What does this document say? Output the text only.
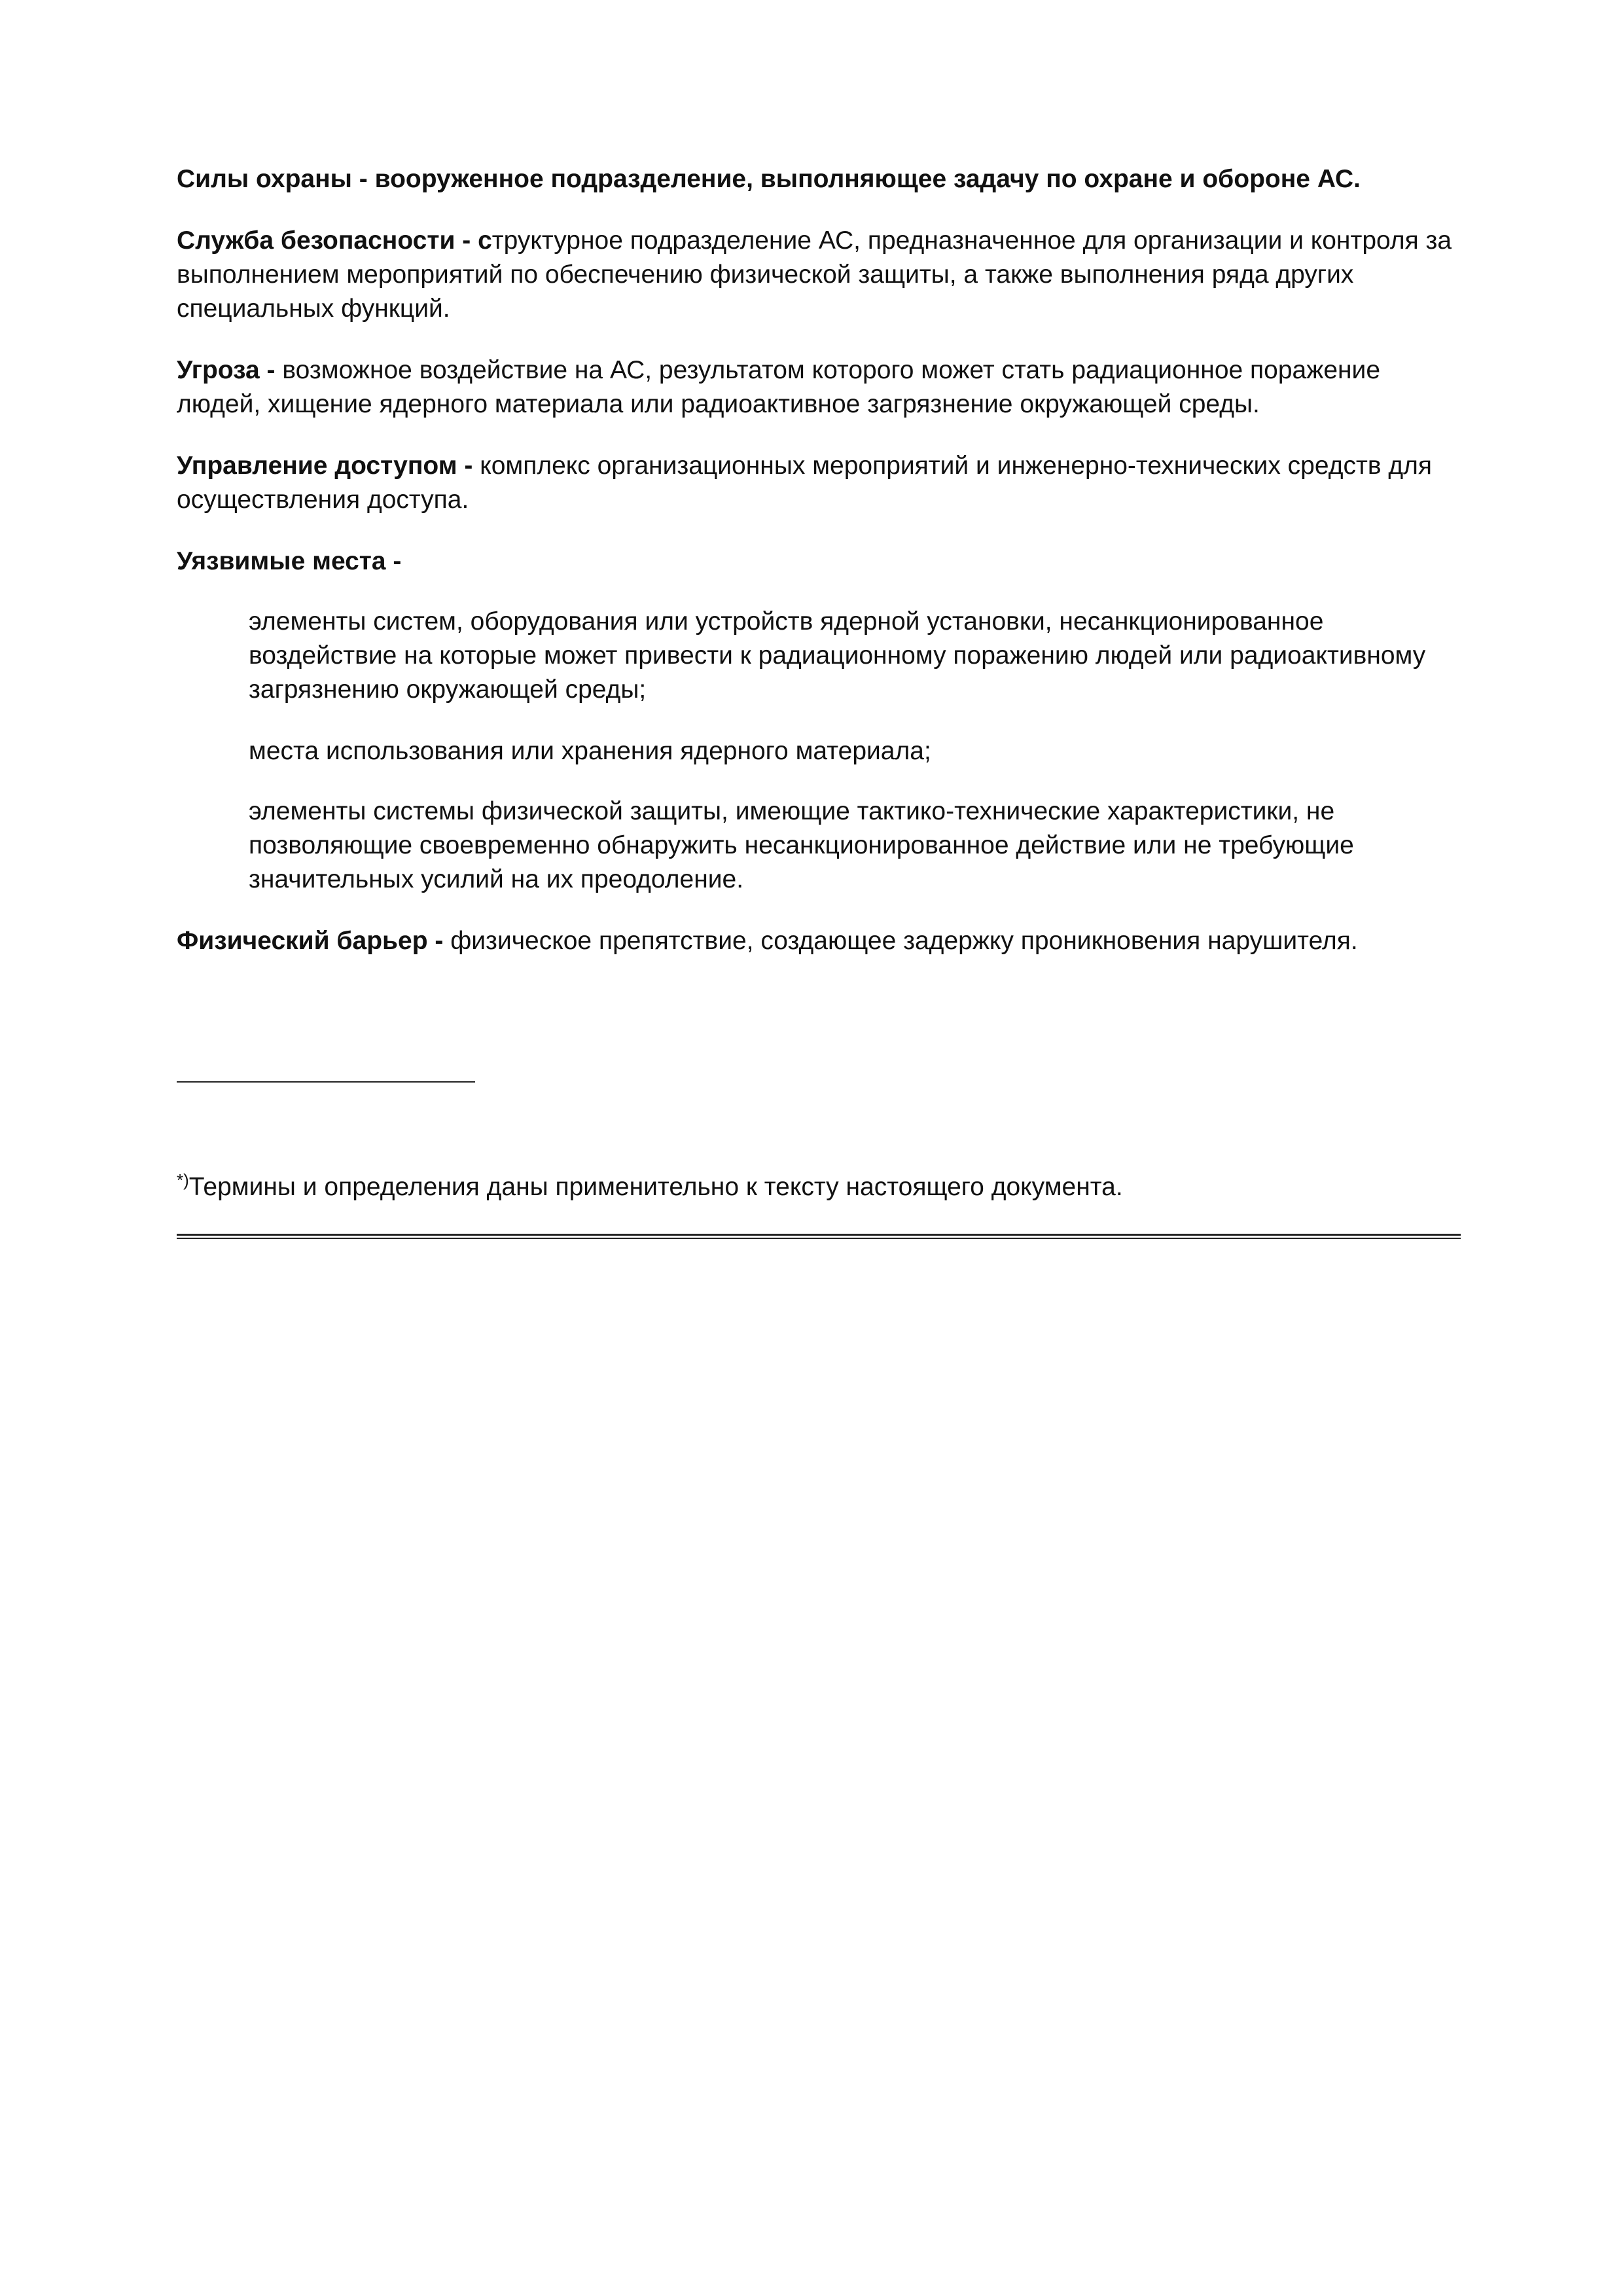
Силы охраны - вооруженное подразделение, выполняющее задачу по охране и обороне АС.

Служба безопасности - структурное подразделение АС, предназначенное для организации и контроля за выполнением мероприятий по обеспечению физической защиты, а также выполнения ряда других специальных функций.

Угроза - возможное воздействие на АС, результатом которого может стать радиационное поражение людей, хищение ядерного материала или радиоактивное загрязнение окружающей среды.

Управление доступом - комплекс организационных мероприятий и инженерно-технических средств для осуществления доступа.

Уязвимые места -

элементы систем, оборудования или устройств ядерной установки, несанкционированное воздействие на которые может привести к радиационному поражению людей или радиоактивному загрязнению окружающей среды;

места использования или хранения ядерного материала;

элементы системы физической защиты, имеющие тактико-технические характеристики, не позволяющие своевременно обнаружить несанкционированное действие или не требующие значительных усилий на их преодоление.

Физический барьер - физическое препятствие, создающее задержку проникновения нарушителя.

*)Термины и определения даны применительно к тексту настоящего документа.
